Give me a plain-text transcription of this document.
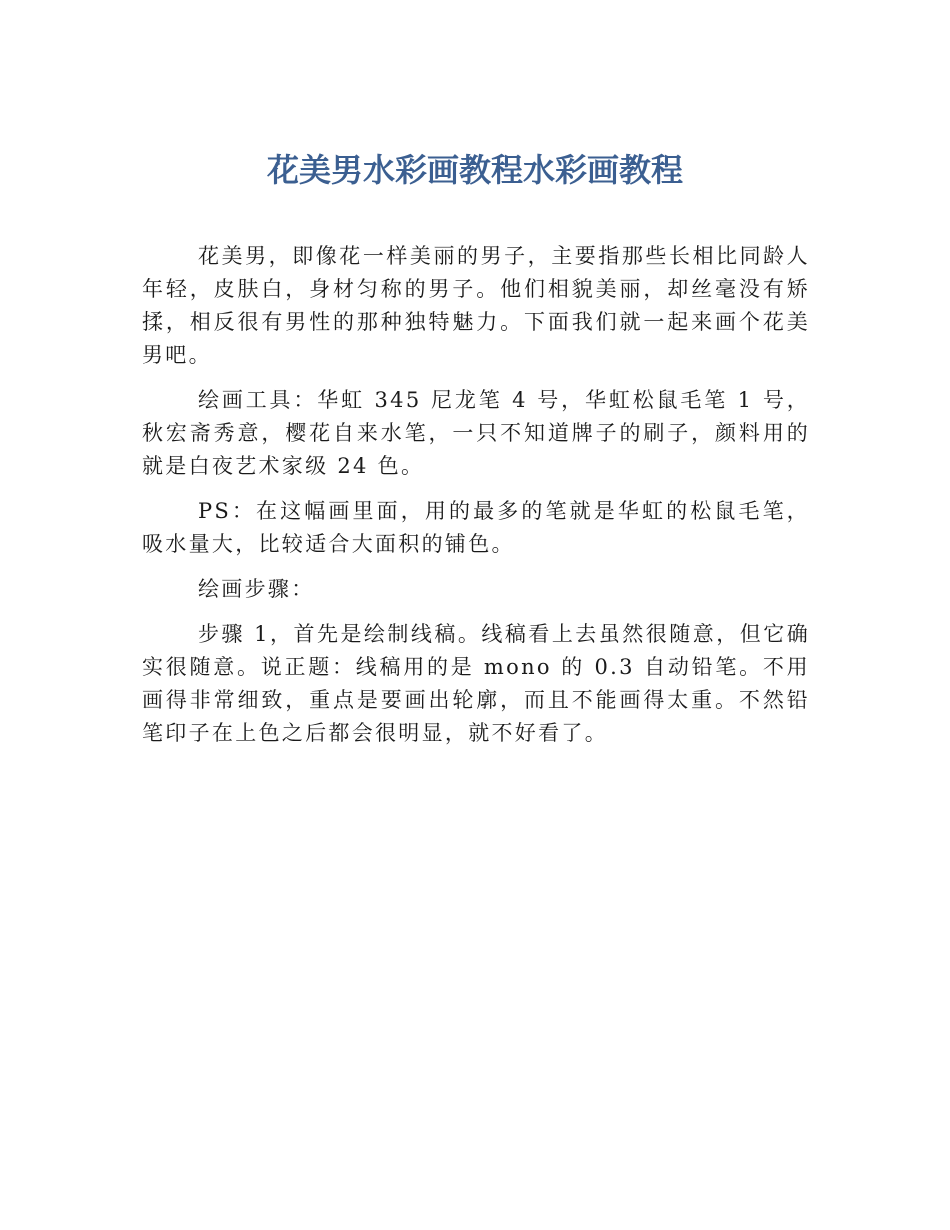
花美男水彩画教程水彩画教程

花美男，即像花一样美丽的男子，主要指那些长相比同龄人年轻，皮肤白，身材匀称的男子。他们相貌美丽，却丝毫没有矫揉，相反很有男性的那种独特魅力。下面我们就一起来画个花美男吧。

绘画工具：华虹 345 尼龙笔 4 号，华虹松鼠毛笔 1 号，秋宏斋秀意，樱花自来水笔，一只不知道牌子的刷子，颜料用的就是白夜艺术家级 24 色。

PS：在这幅画里面，用的最多的笔就是华虹的松鼠毛笔，吸水量大，比较适合大面积的铺色。

绘画步骤：

步骤 1，首先是绘制线稿。线稿看上去虽然很随意，但它确实很随意。说正题：线稿用的是 mono 的 0.3 自动铅笔。不用画得非常细致，重点是要画出轮廓，而且不能画得太重。不然铅笔印子在上色之后都会很明显，就不好看了。
